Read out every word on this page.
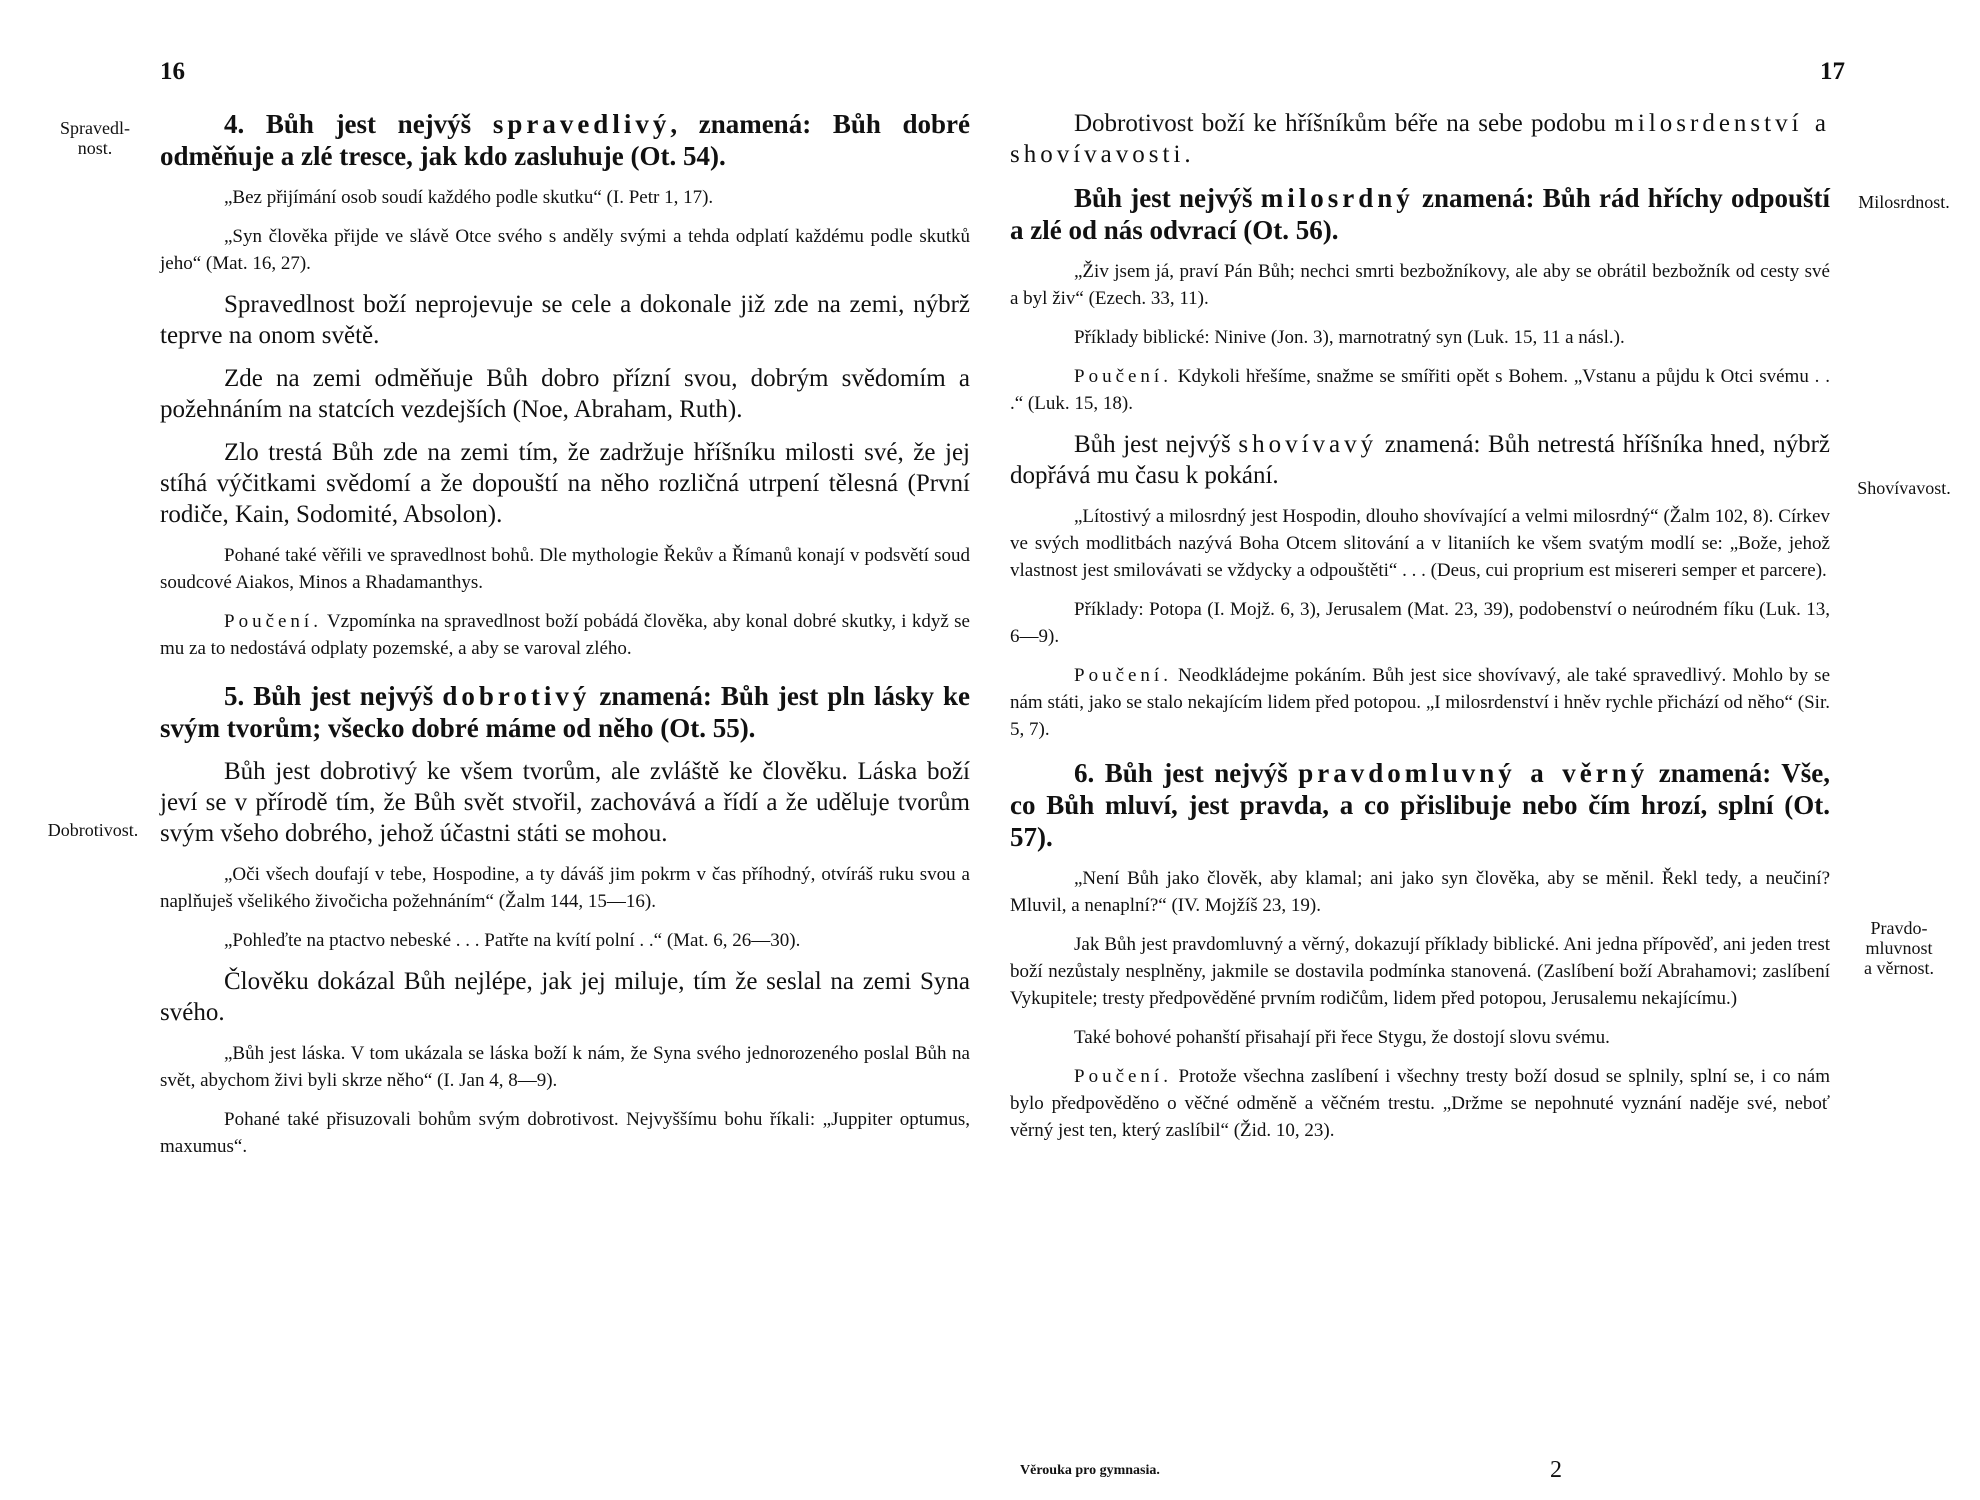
16
Spravedl-
nost.
Dobrotivost.

4. Bůh jest nejvýš spravedlivý, znamená: Bůh dobré odměňuje a zlé tresce, jak kdo zasluhuje (Ot. 54).

„Bez přijímání osob soudí každého podle skutku“ (I. Petr 1, 17).

„Syn člověka přijde ve slávě Otce svého s anděly svými a tehda odplatí každému podle skutků jeho“ (Mat. 16, 27).

Spravedlnost boží neprojevuje se cele a dokonale již zde na zemi, nýbrž teprve na onom světě.

Zde na zemi odměňuje Bůh dobro přízní svou, dobrým svědomím a požehnáním na statcích vezdejších (Noe, Abraham, Ruth).

Zlo trestá Bůh zde na zemi tím, že zadržuje hříšníku milosti své, že jej stíhá výčitkami svědomí a že dopouští na něho rozličná utrpení tělesná (První rodiče, Kain, Sodomité, Absolon).

Pohané také věřili ve spravedlnost bohů. Dle mythologie Řekův a Římanů konají v podsvětí soud soudcové Aiakos, Minos a Rhadamanthys.

Poučení. Vzpomínka na spravedlnost boží pobádá člověka, aby konal dobré skutky, i když se mu za to nedostává odplaty pozemské, a aby se varoval zlého.

5. Bůh jest nejvýš dobrotivý znamená: Bůh jest pln lásky ke svým tvorům; všecko dobré máme od něho (Ot. 55).

Bůh jest dobrotivý ke všem tvorům, ale zvláště ke člověku. Láska boží jeví se v přírodě tím, že Bůh svět stvořil, zachovává a řídí a že uděluje tvorům svým všeho dobrého, jehož účastni státi se mohou.

„Oči všech doufají v tebe, Hospodine, a ty dáváš jim pokrm v čas příhodný, otvíráš ruku svou a naplňuješ všelikého živočicha požehnáním“ (Žalm 144, 15—16).

„Pohleďte na ptactvo nebeské . . . Patřte na kvítí polní . .“ (Mat. 6, 26—30).

Člověku dokázal Bůh nejlépe, jak jej miluje, tím že seslal na zemi Syna svého.

„Bůh jest láska. V tom ukázala se láska boží k nám, že Syna svého jednorozeného poslal Bůh na svět, abychom živi byli skrze něho“ (I. Jan 4, 8—9).

Pohané také přisuzovali bohům svým dobrotivost. Nejvyššímu bohu říkali: „Juppiter optumus, maxumus“.

17
Milosrdnost.
Shovívavost.
Pravdo-
mluvnost
a věrnost.

Dobrotivost boží ke hříšníkům béře na sebe podobu milosrdenství a shovívavosti.

Bůh jest nejvýš milosrdný znamená: Bůh rád hříchy odpouští a zlé od nás odvrací (Ot. 56).

„Živ jsem já, praví Pán Bůh; nechci smrti bezbožníkovy, ale aby se obrátil bezbožník od cesty své a byl živ“ (Ezech. 33, 11).

Příklady biblické: Ninive (Jon. 3), marnotratný syn (Luk. 15, 11 a násl.).

Poučení. Kdykoli hřešíme, snažme se smířiti opět s Bohem. „Vstanu a půjdu k Otci svému . . .“ (Luk. 15, 18).

Bůh jest nejvýš shovívavý znamená: Bůh netrestá hříšníka hned, nýbrž dopřává mu času k pokání.

„Lítostivý a milosrdný jest Hospodin, dlouho shovívající a velmi milosrdný“ (Žalm 102, 8). Církev ve svých modlitbách nazývá Boha Otcem slitování a v litaniích ke všem svatým modlí se: „Bože, jehož vlastnost jest smilovávati se vždycky a odpouštěti“ . . . (Deus, cui proprium est misereri semper et parcere).

Příklady: Potopa (I. Mojž. 6, 3), Jerusalem (Mat. 23, 39), podobenství o neúrodném fíku (Luk. 13, 6—9).

Poučení. Neodkládejme pokáním. Bůh jest sice shovívavý, ale také spravedlivý. Mohlo by se nám státi, jako se stalo nekajícím lidem před potopou. „I milosrdenství i hněv rychle přichází od něho“ (Sir. 5, 7).

6. Bůh jest nejvýš pravdomluvný a věrný znamená: Vše, co Bůh mluví, jest pravda, a co přislibuje nebo čím hrozí, splní (Ot. 57).

„Není Bůh jako člověk, aby klamal; ani jako syn člověka, aby se měnil. Řekl tedy, a neučiní? Mluvil, a nenaplní?“ (IV. Mojžíš 23, 19).

Jak Bůh jest pravdomluvný a věrný, dokazují příklady biblické. Ani jedna přípověď, ani jeden trest boží nezůstaly nesplněny, jakmile se dostavila podmínka stanovená. (Zaslíbení boží Abrahamovi; zaslíbení Vykupitele; tresty předpověděné prvním rodičům, lidem před potopou, Jerusalemu nekajícímu.)

Také bohové pohanští přisahají při řece Stygu, že dostojí slovu svému.

Poučení. Protože všechna zaslíbení i všechny tresty boží dosud se splnily, splní se, i co nám bylo předpověděno o věčné odměně a věčném trestu. „Držme se nepohnuté vyznání naděje své, neboť věrný jest ten, který zaslíbil“ (Žid. 10, 23).

Věrouka pro gymnasia.	2
